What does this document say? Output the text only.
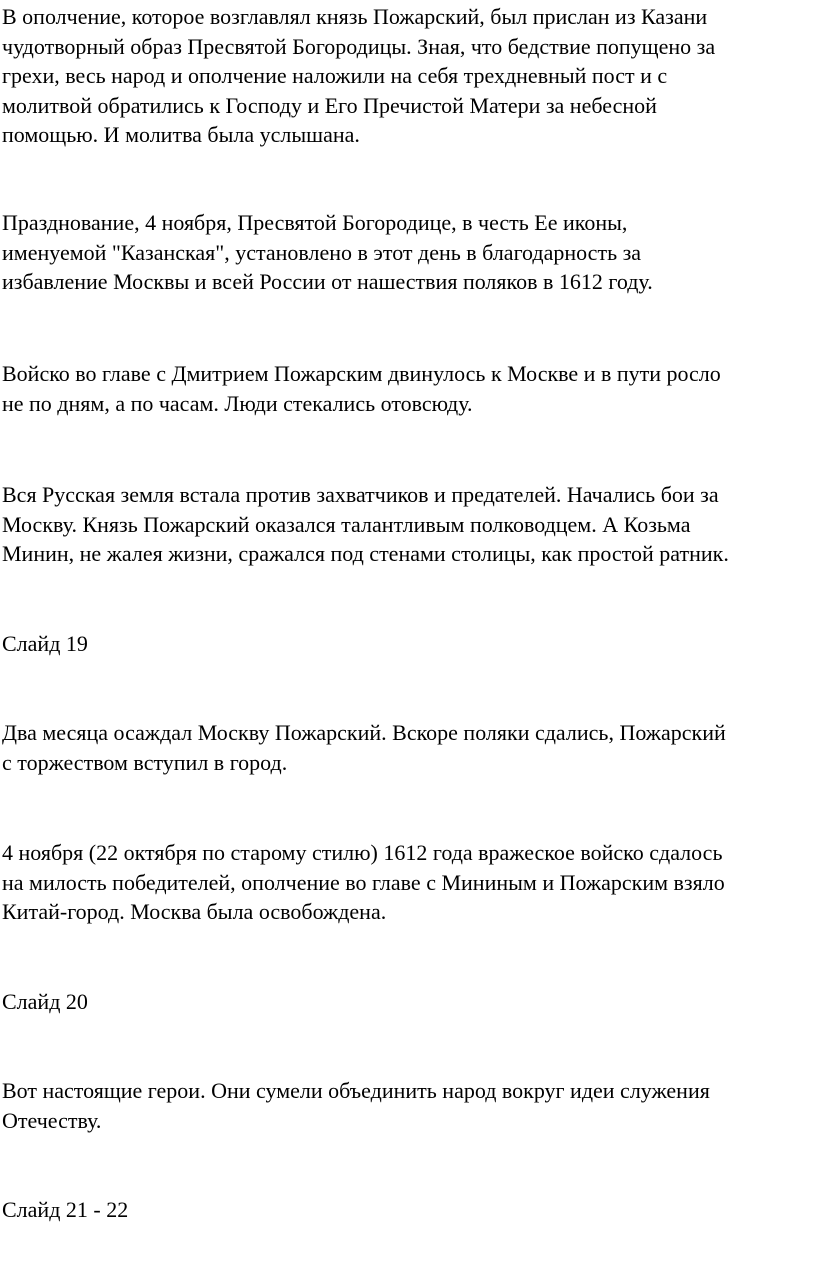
В ополчение, которое возглавлял князь Пожарский, был прислан из Казани
чудотворный образ Пресвятой Богородицы. Зная, что бедствие попущено за
грехи, весь народ и ополчение наложили на себя трехдневный пост и с
молитвой обратились к Господу и Его Пречистой Матери за небесной
помощью. И молитва была услышана.

Празднование, 4 ноября, Пресвятой Богородице, в честь Ее иконы,
именуемой "Казанская", установлено в этот день в благодарность за
избавление Москвы и всей России от нашествия поляков в 1612 году.

Войско во главе с Дмитрием Пожарским двинулось к Москве и в пути росло
не по дням, а по часам. Люди стекались отовсюду.

Вся Русская земля встала против захватчиков и предателей. Начались бои за
Москву. Князь Пожарский оказался талантливым полководцем. А Козьма
Минин, не жалея жизни, сражался под стенами столицы, как простой ратник.

Слайд 19

Два месяца осаждал Москву Пожарский. Вскоре поляки сдались, Пожарский
с торжеством вступил в город.

4 ноября (22 октября по старому стилю) 1612 года вражеское войско сдалось
на милость победителей, ополчение во главе с Мининым и Пожарским взяло
Китай-город. Москва была освобождена.

Слайд 20

Вот настоящие герои. Они сумели объединить народ вокруг идеи служения
Отечеству.

Слайд 21 - 22
